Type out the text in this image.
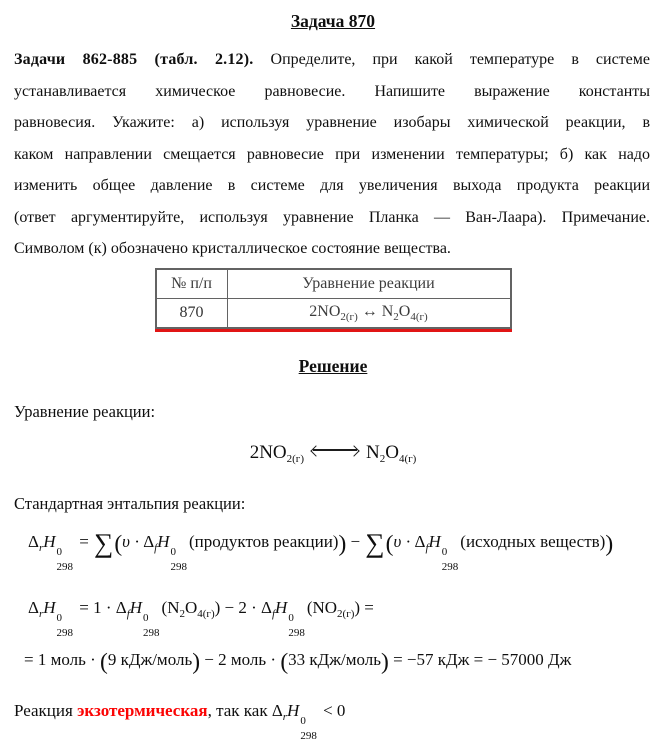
Задача 870
Задачи 862-885 (табл. 2.12). Определите, при какой температуре в системе
устанавливается химическое равновесие. Напишите выражение константы
равновесия. Укажите: а) используя уравнение изобары химической реакции, в
каком направлении смещается равновесие при изменении температуры; б) как надо
изменить общее давление в системе для увеличения выхода продукта реакции
(ответ аргументируйте, используя уравнение Планка — Ван-Лаара). Примечание.
Символом (к) обозначено кристаллическое состояние вещества.
№ п/п	Уравнение реакции
870	$2NO_{2(г)}$ ↔ $N_2O_{4(г)}$
Решение
Уравнение реакции:
$2NO_{2(г)} \to N_2O_{4(г)}$
Стандартная энтальпия реакции:
$\Delta_rH$
0
298
= $\sum(\upsilon \cdot \Delta_fH$
0
298
(продуктов реакции)) − $\sum(\upsilon \cdot \Delta_fH$
0
298
(исходных веществ))
$\Delta_rH$
0
298
= $1 \cdot \Delta_fH$
0
298
$(N_2O_{4(г)}) - 2 \cdot \Delta_fH$
0
298
$(NO_{2(г)})$ =
= 1 моль · (9 кДж/моль) − 2 моль · (33 кДж/моль) = −57 кДж = − 57000 Дж
Реакция экзотермическая, так как $\Delta_rH$
0
298
< 0
